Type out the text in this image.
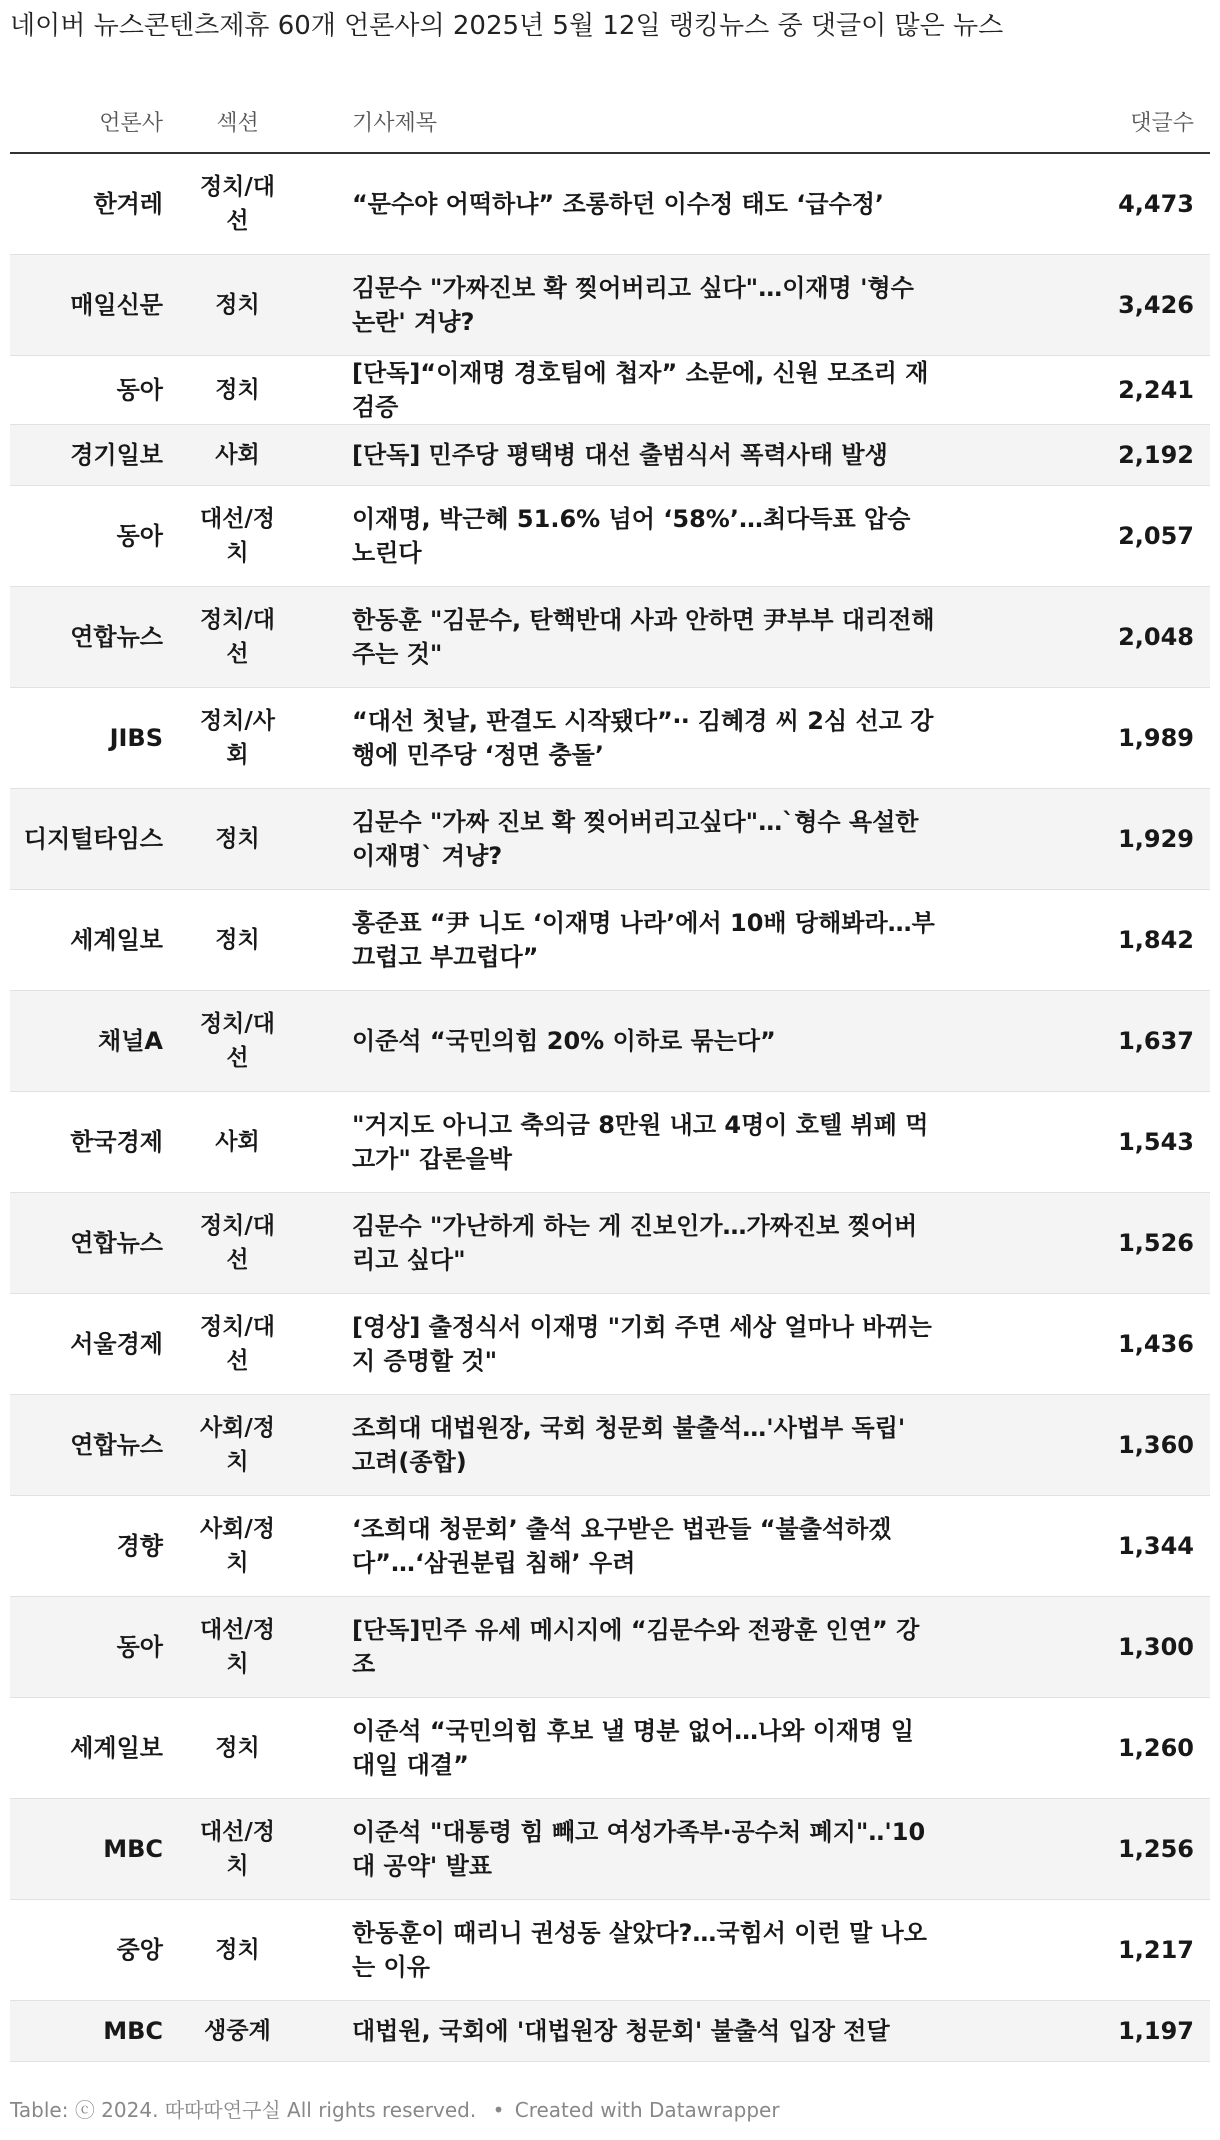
네이버 뉴스콘텐츠제휴 60개 언론사의 2025년 5월 12일 랭킹뉴스 중 댓글이 많은 뉴스
언론사	섹션	기사제목	댓글수
한겨레	정치/대선	“문수야 어떡하냐” 조롱하던 이수정 태도 ‘급수정’	4,473
매일신문	정치	김문수 "가짜진보 확 찢어버리고 싶다"…이재명 '형수 논란' 겨냥?	3,426
동아	정치	[단독]“이재명 경호팀에 첩자” 소문에, 신원 모조리 재검증	2,241
경기일보	사회	[단독] 민주당 평택병 대선 출범식서 폭력사태 발생	2,192
동아	대선/정치	이재명, 박근혜 51.6% 넘어 ‘58%’…최다득표 압승 노린다	2,057
연합뉴스	정치/대선	한동훈 "김문수, 탄핵반대 사과 안하면 尹부부 대리전해주는 것"	2,048
JIBS	정치/사회	“대선 첫날, 판결도 시작됐다”‧‧ 김혜경 씨 2심 선고 강행에 민주당 ‘정면 충돌’	1,989
디지털타임스	정치	김문수 "가짜 진보 확 찢어버리고싶다"…`형수 욕설한 이재명` 겨냥?	1,929
세계일보	정치	홍준표 “尹 니도 ‘이재명 나라’에서 10배 당해봐라…부끄럽고 부끄럽다”	1,842
채널A	정치/대선	이준석 “국민의힘 20% 이하로 묶는다”	1,637
한국경제	사회	"거지도 아니고 축의금 8만원 내고 4명이 호텔 뷔페 먹고가" 갑론을박	1,543
연합뉴스	정치/대선	김문수 "가난하게 하는 게 진보인가…가짜진보 찢어버리고 싶다"	1,526
서울경제	정치/대선	[영상] 출정식서 이재명 "기회 주면 세상 얼마나 바뀌는지 증명할 것"	1,436
연합뉴스	사회/정치	조희대 대법원장, 국회 청문회 불출석…'사법부 독립' 고려(종합)	1,360
경향	사회/정치	‘조희대 청문회’ 출석 요구받은 법관들 “불출석하겠다”…‘삼권분립 침해’ 우려	1,344
동아	대선/정치	[단독]민주 유세 메시지에 “김문수와 전광훈 인연” 강조	1,300
세계일보	정치	이준석 “국민의힘 후보 낼 명분 없어…나와 이재명 일대일 대결”	1,260
MBC	대선/정치	이준석 "대통령 힘 빼고 여성가족부·공수처 폐지"‥'10대 공약' 발표	1,256
중앙	정치	한동훈이 때리니 권성동 살았다?…국힘서 이런 말 나오는 이유	1,217
MBC	생중계	대법원, 국회에 '대법원장 청문회' 불출석 입장 전달	1,197
Table: ⓒ 2024. 따따따연구실 All rights reserved. • Created with Datawrapper
